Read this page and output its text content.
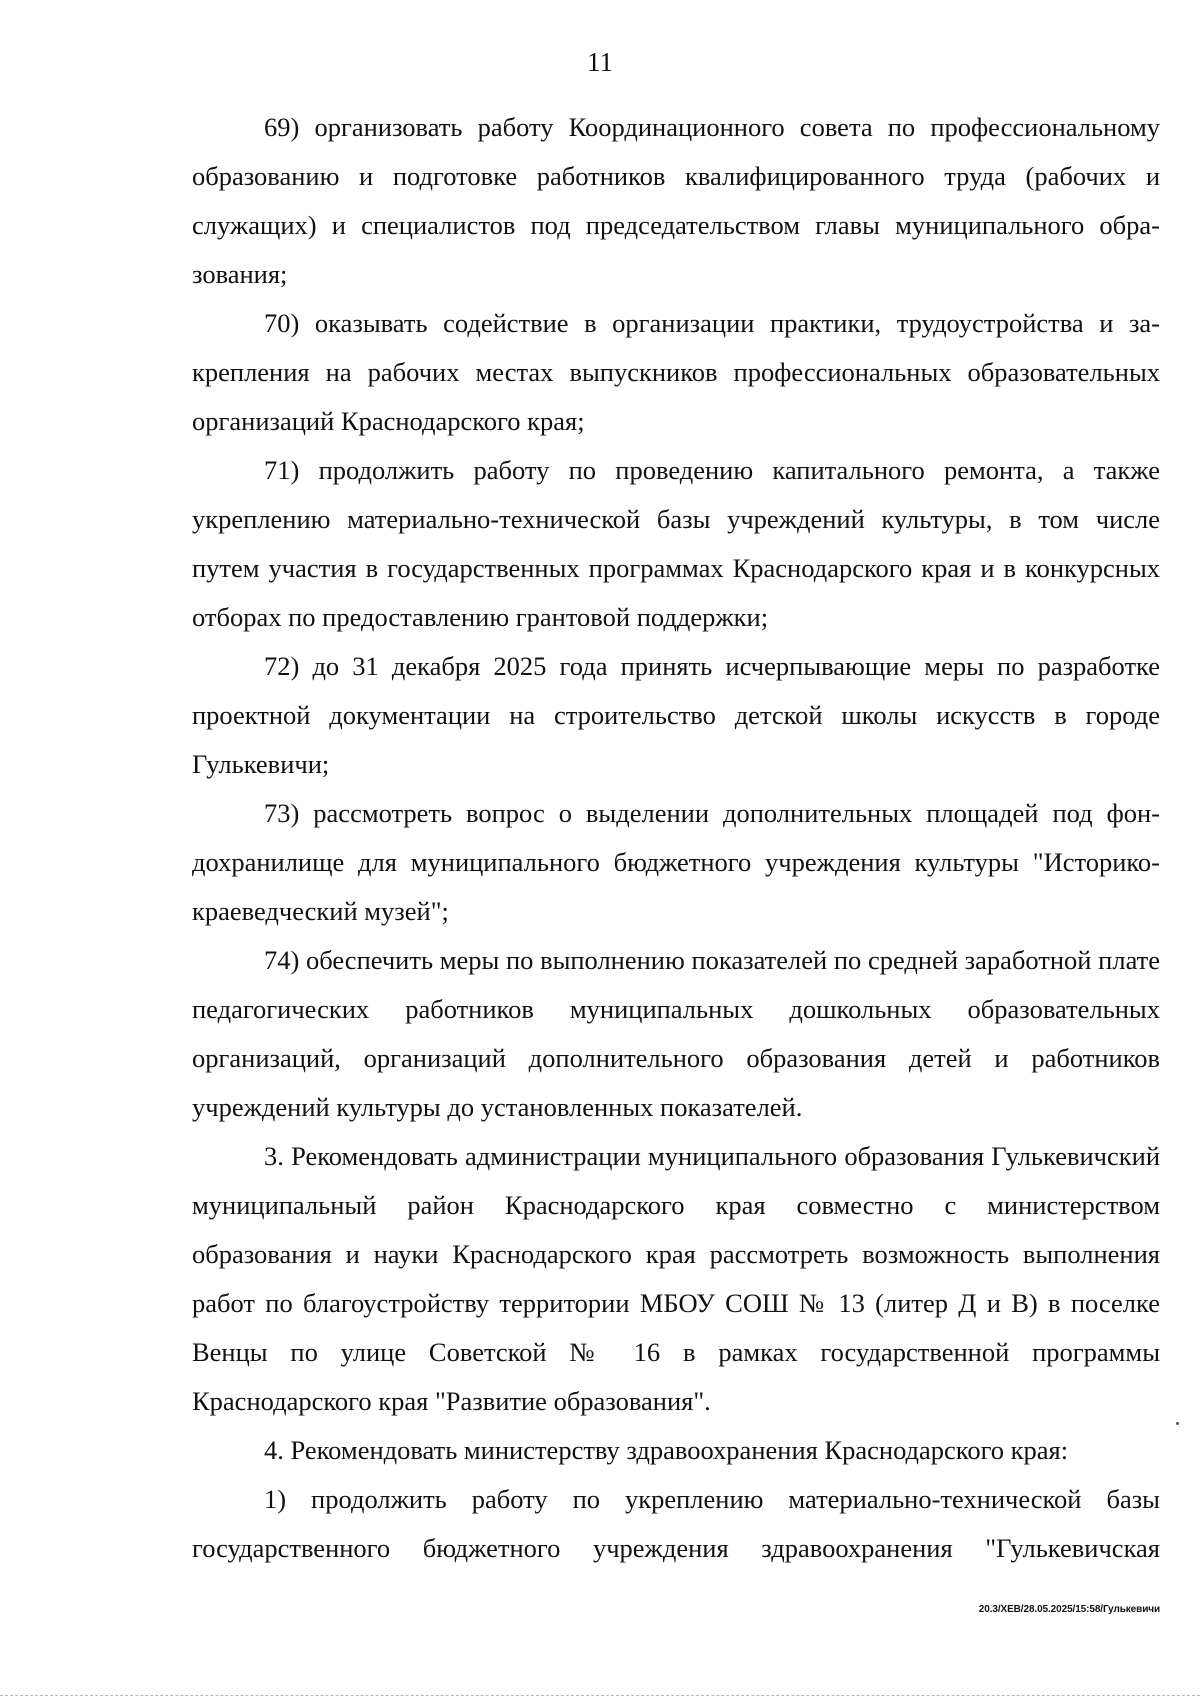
11

69) организовать работу Координационного совета по профессиональному образованию и подготовке работников квалифицированного труда (рабочих и служащих) и специалистов под председательством главы муниципального образования;

70) оказывать содействие в организации практики, трудоустройства и закрепления на рабочих местах выпускников профессиональных образовательных организаций Краснодарского края;

71) продолжить работу по проведению капитального ремонта, а также укреплению материально-технической базы учреждений культуры, в том числе путем участия в государственных программах Краснодарского края и в конкурсных отборах по предоставлению грантовой поддержки;

72) до 31 декабря 2025 года принять исчерпывающие меры по разработке проектной документации на строительство детской школы искусств в городе Гулькевичи;

73) рассмотреть вопрос о выделении дополнительных площадей под фондохранилище для муниципального бюджетного учреждения культуры "Историко-краеведческий музей";

74) обеспечить меры по выполнению показателей по средней заработной плате педагогических работников муниципальных дошкольных образовательных организаций, организаций дополнительного образования детей и работников учреждений культуры до установленных показателей.

3. Рекомендовать администрации муниципального образования Гулькевичский муниципальный район Краснодарского края совместно с министерством образования и науки Краснодарского края рассмотреть возможность выполнения работ по благоустройству территории МБОУ СОШ № 13 (литер Д и В) в поселке Венцы по улице Советской № 16 в рамках государственной программы Краснодарского края "Развитие образования".

4. Рекомендовать министерству здравоохранения Краснодарского края:

1) продолжить работу по укреплению материально-технической базы государственного бюджетного учреждения здравоохранения "Гулькевичская

20.3/ХЕВ/28.05.2025/15:58/Гулькевичи
